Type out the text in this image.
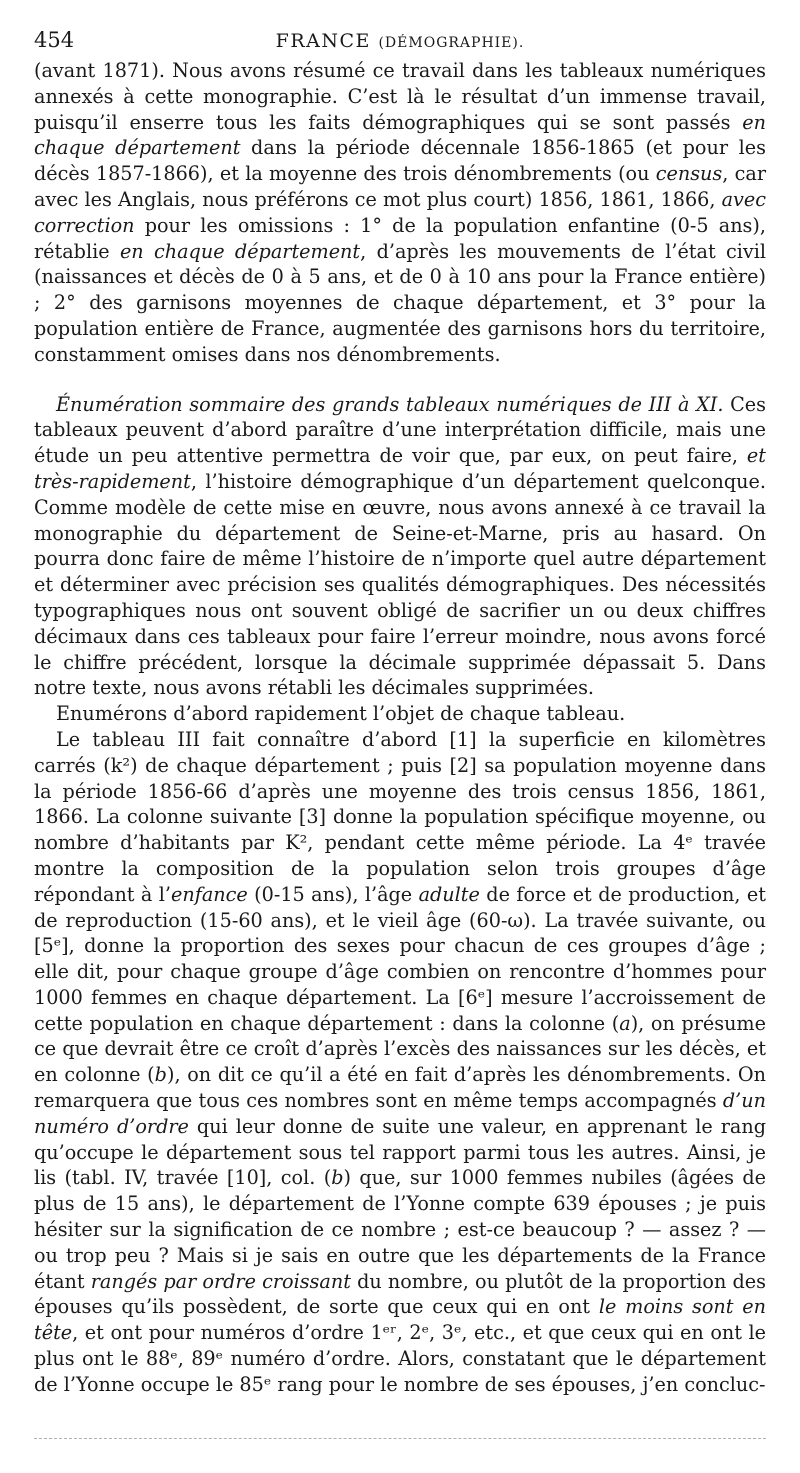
454	FRANCE (DÉMOGRAPHIE).

(avant 1871). Nous avons résumé ce travail dans les tableaux numériques annexés à cette monographie. C’est là le résultat d’un immense travail, puisqu’il enserre tous les faits démographiques qui se sont passés en chaque département dans la période décennale 1856-1865 (et pour les décès 1857-1866), et la moyenne des trois dénombrements (ou census, car avec les Anglais, nous préférons ce mot plus court) 1856, 1861, 1866, avec correction pour les omissions : 1° de la population enfantine (0-5 ans), rétablie en chaque département, d’après les mouvements de l’état civil (naissances et décès de 0 à 5 ans, et de 0 à 10 ans pour la France entière) ; 2° des garnisons moyennes de chaque département, et 3° pour la population entière de France, augmentée des garnisons hors du territoire, constamment omises dans nos dénombrements.

Énumération sommaire des grands tableaux numériques de III à XI. Ces tableaux peuvent d’abord paraître d’une interprétation difficile, mais une étude un peu attentive permettra de voir que, par eux, on peut faire, et très-rapidement, l’histoire démographique d’un département quelconque. Comme modèle de cette mise en œuvre, nous avons annexé à ce travail la monographie du département de Seine-et-Marne, pris au hasard. On pourra donc faire de même l’histoire de n’importe quel autre département et déterminer avec précision ses qualités démographiques. Des nécessités typographiques nous ont souvent obligé de sacrifier un ou deux chiffres décimaux dans ces tableaux pour faire l’erreur moindre, nous avons forcé le chiffre précédent, lorsque la décimale supprimée dépassait 5. Dans notre texte, nous avons rétabli les décimales supprimées.

Enumérons d’abord rapidement l’objet de chaque tableau.

Le tableau III fait connaître d’abord [1] la superficie en kilomètres carrés (k²) de chaque département ; puis [2] sa population moyenne dans la période 1856-66 d’après une moyenne des trois census 1856, 1861, 1866. La colonne suivante [3] donne la population spécifique moyenne, ou nombre d’habitants par K², pendant cette même période. La 4ᵉ travée montre la composition de la population selon trois groupes d’âge répondant à l’enfance (0-15 ans), l’âge adulte de force et de production, et de reproduction (15-60 ans), et le vieil âge (60-ω). La travée suivante, ou [5ᵉ], donne la proportion des sexes pour chacun de ces groupes d’âge ; elle dit, pour chaque groupe d’âge combien on rencontre d’hommes pour 1000 femmes en chaque département. La [6ᵉ] mesure l’accroissement de cette population en chaque département : dans la colonne (a), on présume ce que devrait être ce croît d’après l’excès des naissances sur les décès, et en colonne (b), on dit ce qu’il a été en fait d’après les dénombrements. On remarquera que tous ces nombres sont en même temps accompagnés d’un numéro d’ordre qui leur donne de suite une valeur, en apprenant le rang qu’occupe le département sous tel rapport parmi tous les autres. Ainsi, je lis (tabl. IV, travée [10], col. (b) que, sur 1000 femmes nubiles (âgées de plus de 15 ans), le département de l’Yonne compte 639 épouses ; je puis hésiter sur la signification de ce nombre ; est-ce beaucoup ? — assez ? — ou trop peu ? Mais si je sais en outre que les départements de la France étant rangés par ordre croissant du nombre, ou plutôt de la proportion des épouses qu’ils possèdent, de sorte que ceux qui en ont le moins sont en tête, et ont pour numéros d’ordre 1ᵉʳ, 2ᵉ, 3ᵉ, etc., et que ceux qui en ont le plus ont le 88ᵉ, 89ᵉ numéro d’ordre. Alors, constatant que le département de l’Yonne occupe le 85ᵉ rang pour le nombre de ses épouses, j’en concluc-
